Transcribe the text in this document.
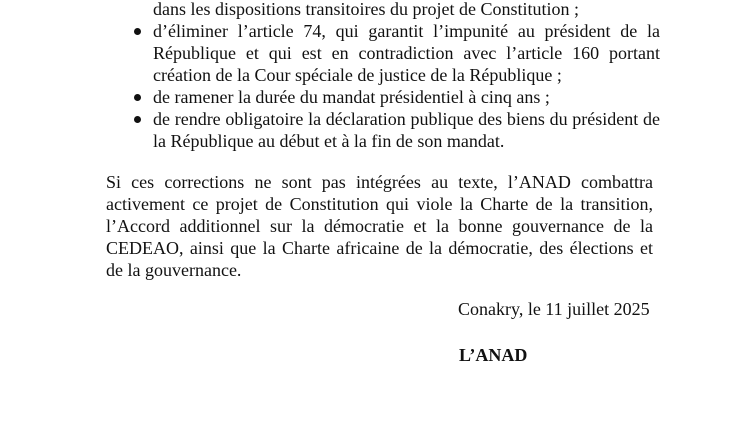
dans les dispositions transitoires du projet de Constitution ;
d’éliminer l’article 74, qui garantit l’impunité au président de la République et qui est en contradiction avec l’article 160 portant création de la Cour spéciale de justice de la République ;
de ramener la durée du mandat présidentiel à cinq ans ;
de rendre obligatoire la déclaration publique des biens du président de la République au début et à la fin de son mandat.

Si ces corrections ne sont pas intégrées au texte, l’ANAD combattra activement ce projet de Constitution qui viole la Charte de la transition, l’Accord additionnel sur la démocratie et la bonne gouvernance de la CEDEAO, ainsi que la Charte africaine de la démocratie, des élections et de la gouvernance.

Conakry, le 11 juillet 2025

L’ANAD
